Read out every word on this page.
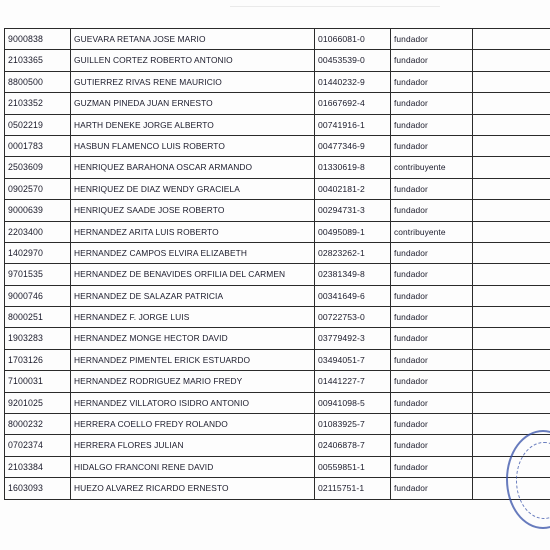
9000838	GUEVARA RETANA JOSE MARIO	01066081-0	fundador
2103365	GUILLEN CORTEZ ROBERTO ANTONIO	00453539-0	fundador
8800500	GUTIERREZ RIVAS RENE MAURICIO	01440232-9	fundador
2103352	GUZMAN PINEDA JUAN ERNESTO	01667692-4	fundador
0502219	HARTH DENEKE JORGE ALBERTO	00741916-1	fundador
0001783	HASBUN FLAMENCO LUIS ROBERTO	00477346-9	fundador
2503609	HENRIQUEZ BARAHONA OSCAR ARMANDO	01330619-8	contribuyente
0902570	HENRIQUEZ DE DIAZ WENDY GRACIELA	00402181-2	fundador
9000639	HENRIQUEZ SAADE JOSE ROBERTO	00294731-3	fundador
2203400	HERNANDEZ ARITA LUIS ROBERTO	00495089-1	contribuyente
1402970	HERNANDEZ CAMPOS ELVIRA ELIZABETH	02823262-1	fundador
9701535	HERNANDEZ DE BENAVIDES ORFILIA DEL CARMEN	02381349-8	fundador
9000746	HERNANDEZ DE SALAZAR PATRICIA	00341649-6	fundador
8000251	HERNANDEZ F. JORGE LUIS	00722753-0	fundador
1903283	HERNANDEZ MONGE HECTOR DAVID	03779492-3	fundador
1703126	HERNANDEZ PIMENTEL ERICK ESTUARDO	03494051-7	fundador
7100031	HERNANDEZ RODRIGUEZ MARIO FREDY	01441227-7	fundador
9201025	HERNANDEZ VILLATORO ISIDRO ANTONIO	00941098-5	fundador
8000232	HERRERA COELLO FREDY ROLANDO	01083925-7	fundador
0702374	HERRERA FLORES JULIAN	02406878-7	fundador
2103384	HIDALGO FRANCONI RENE DAVID	00559851-1	fundador
1603093	HUEZO ALVAREZ RICARDO ERNESTO	02115751-1	fundador
